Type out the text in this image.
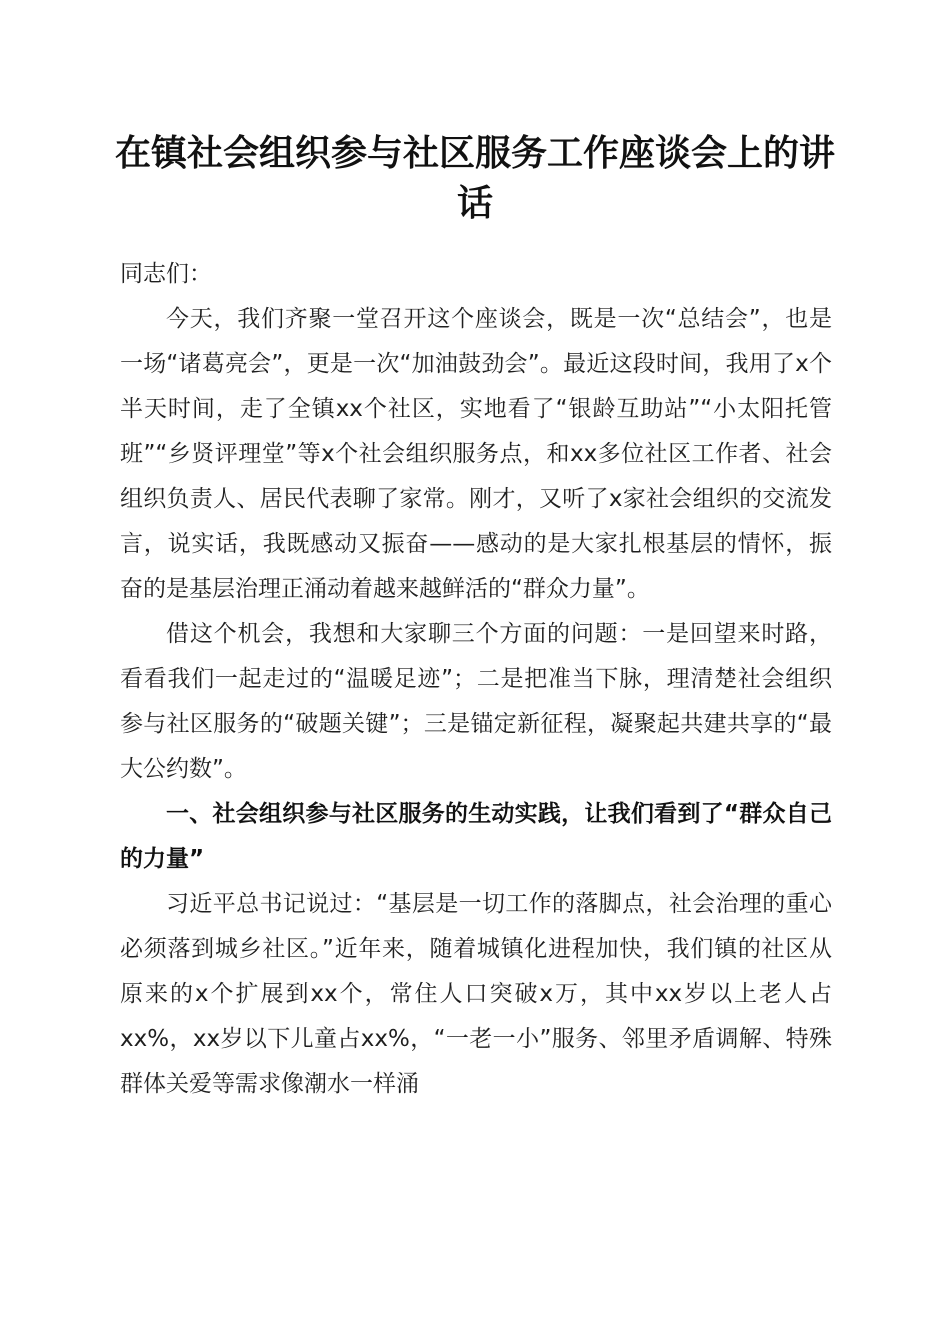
在镇社会组织参与社区服务工作座谈会上的讲话

同志们：

今天，我们齐聚一堂召开这个座谈会，既是一次“总结会”，也是一场“诸葛亮会”，更是一次“加油鼓劲会”。最近这段时间，我用了x个半天时间，走了全镇xx个社区，实地看了“银龄互助站”“小太阳托管班”“乡贤评理堂”等x个社会组织服务点，和xx多位社区工作者、社会组织负责人、居民代表聊了家常。刚才，又听了x家社会组织的交流发言，说实话，我既感动又振奋——感动的是大家扎根基层的情怀，振奋的是基层治理正涌动着越来越鲜活的“群众力量”。

借这个机会，我想和大家聊三个方面的问题：一是回望来时路，看看我们一起走过的“温暖足迹”；二是把准当下脉，理清楚社会组织参与社区服务的“破题关键”；三是锚定新征程，凝聚起共建共享的“最大公约数”。

一、社会组织参与社区服务的生动实践，让我们看到了“群众自己的力量”

习近平总书记说过：“基层是一切工作的落脚点，社会治理的重心必须落到城乡社区。”近年来，随着城镇化进程加快，我们镇的社区从原来的x个扩展到xx个，常住人口突破x万，其中xx岁以上老人占xx%，xx岁以下儿童占xx%，“一老一小”服务、邻里矛盾调解、特殊群体关爱等需求像潮水一样涌
